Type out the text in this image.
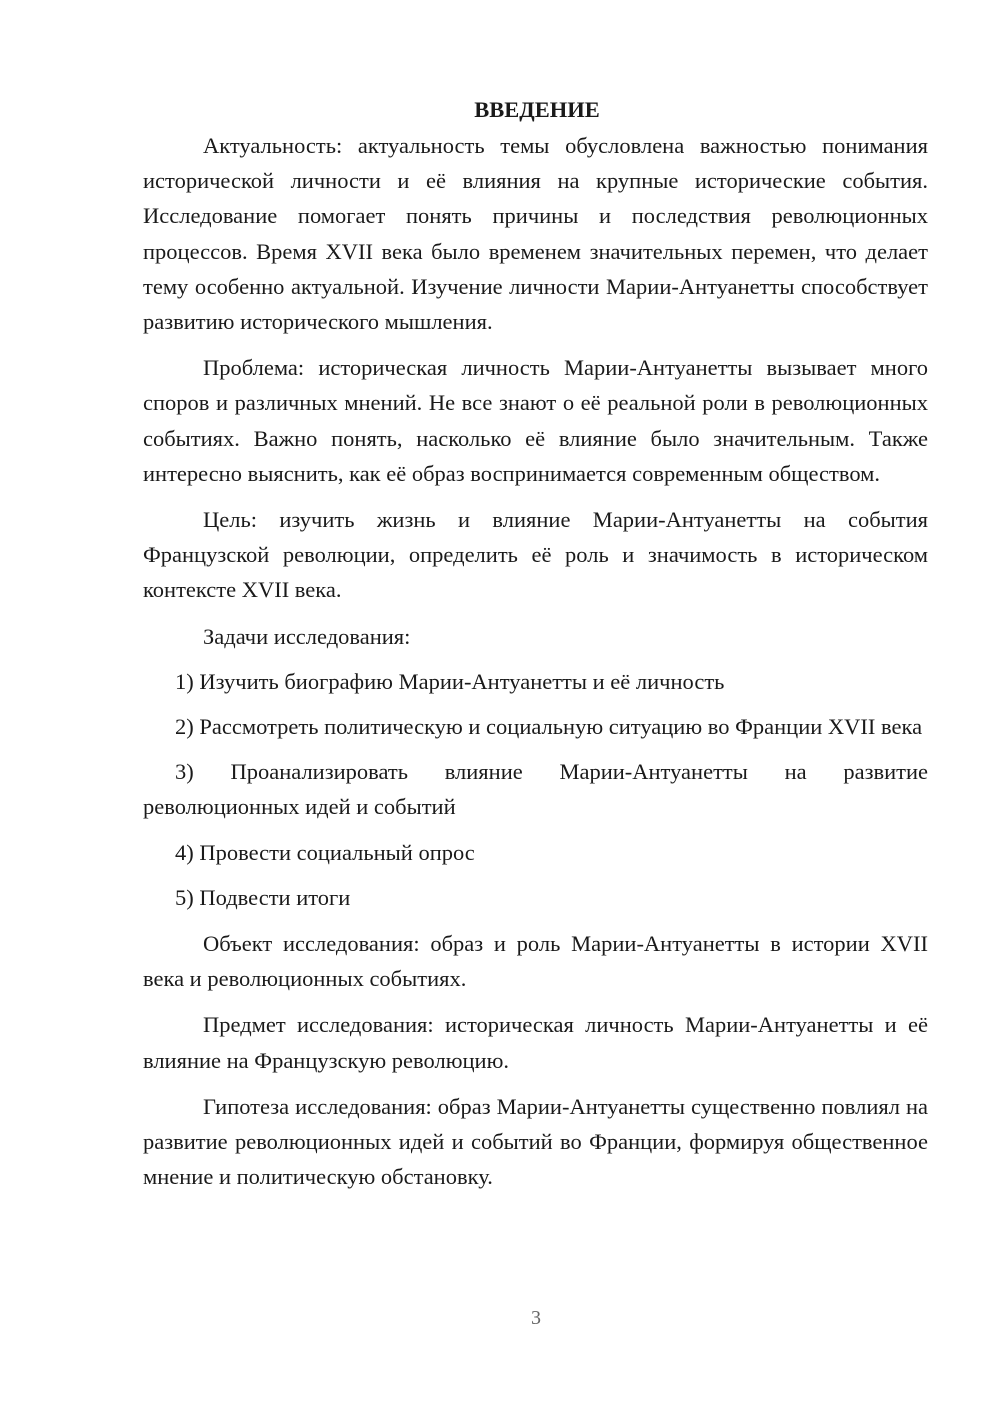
ВВЕДЕНИЕ

Актуальность: актуальность темы обусловлена важностью понимания исторической личности и её влияния на крупные исторические события. Исследование помогает понять причины и последствия революционных процессов. Время XVII века было временем значительных перемен, что делает тему особенно актуальной. Изучение личности Марии-Антуанетты способствует развитию исторического мышления.

Проблема: историческая личность Марии-Антуанетты вызывает много споров и различных мнений. Не все знают о её реальной роли в революционных событиях. Важно понять, насколько её влияние было значительным. Также интересно выяснить, как её образ воспринимается современным обществом.

Цель: изучить жизнь и влияние Марии-Антуанетты на события Французской революции, определить её роль и значимость в историческом контексте XVII века.

Задачи исследования:

1) Изучить биографию Марии-Антуанетты и её личность

2) Рассмотреть политическую и социальную ситуацию во Франции XVII века

3) Проанализировать влияние Марии-Антуанетты на развитие революционных идей и событий

4) Провести социальный опрос

5) Подвести итоги

Объект исследования: образ и роль Марии-Антуанетты в истории XVII века и революционных событиях.

Предмет исследования: историческая личность Марии-Антуанетты и её влияние на Французскую революцию.

Гипотеза исследования: образ Марии-Антуанетты существенно повлиял на развитие революционных идей и событий во Франции, формируя общественное мнение и политическую обстановку.

3
